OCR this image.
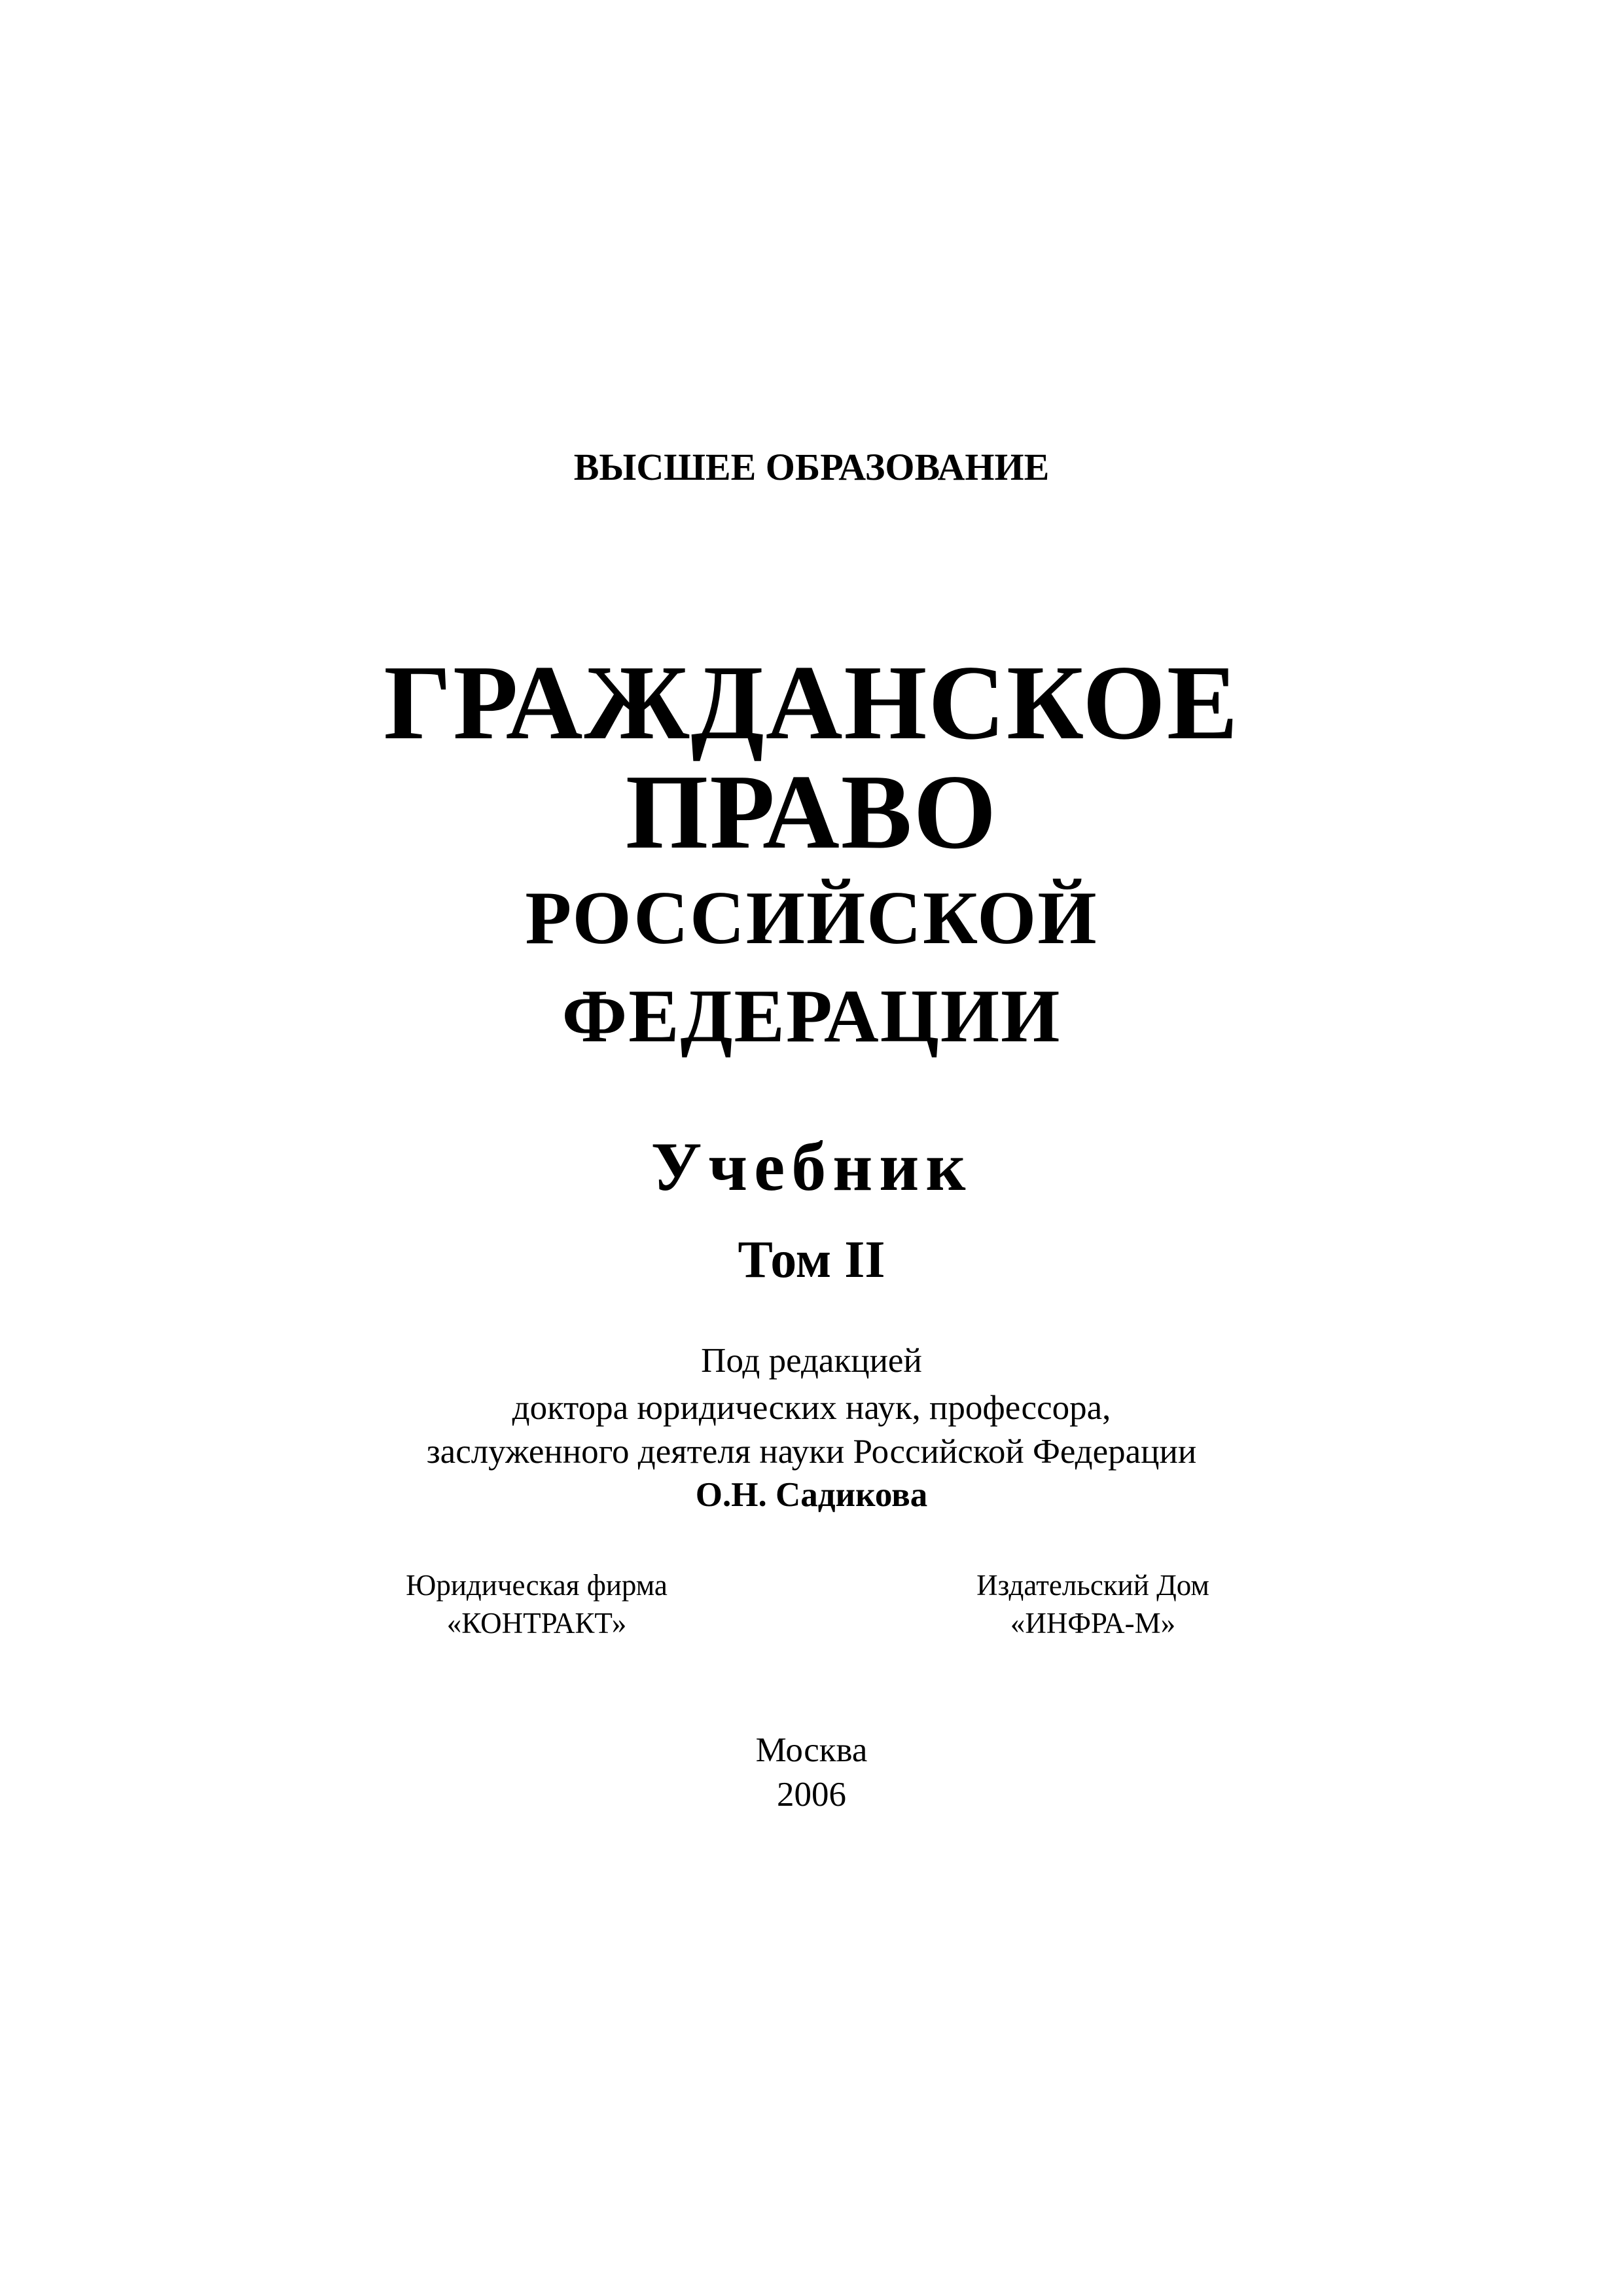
ВЫСШЕЕ ОБРАЗОВАНИЕ
ГРАЖДАНСКОЕ
ПРАВО
РОССИЙСКОЙ
ФЕДЕРАЦИИ
Учебник
Том II
Под редакцией
доктора юридических наук, профессора,
заслуженного деятеля науки Российской Федерации
О.Н. Садикова
Юридическая фирма
«КОНТРАКТ»
Издательский Дом
«ИНФРА-М»
Москва
2006
